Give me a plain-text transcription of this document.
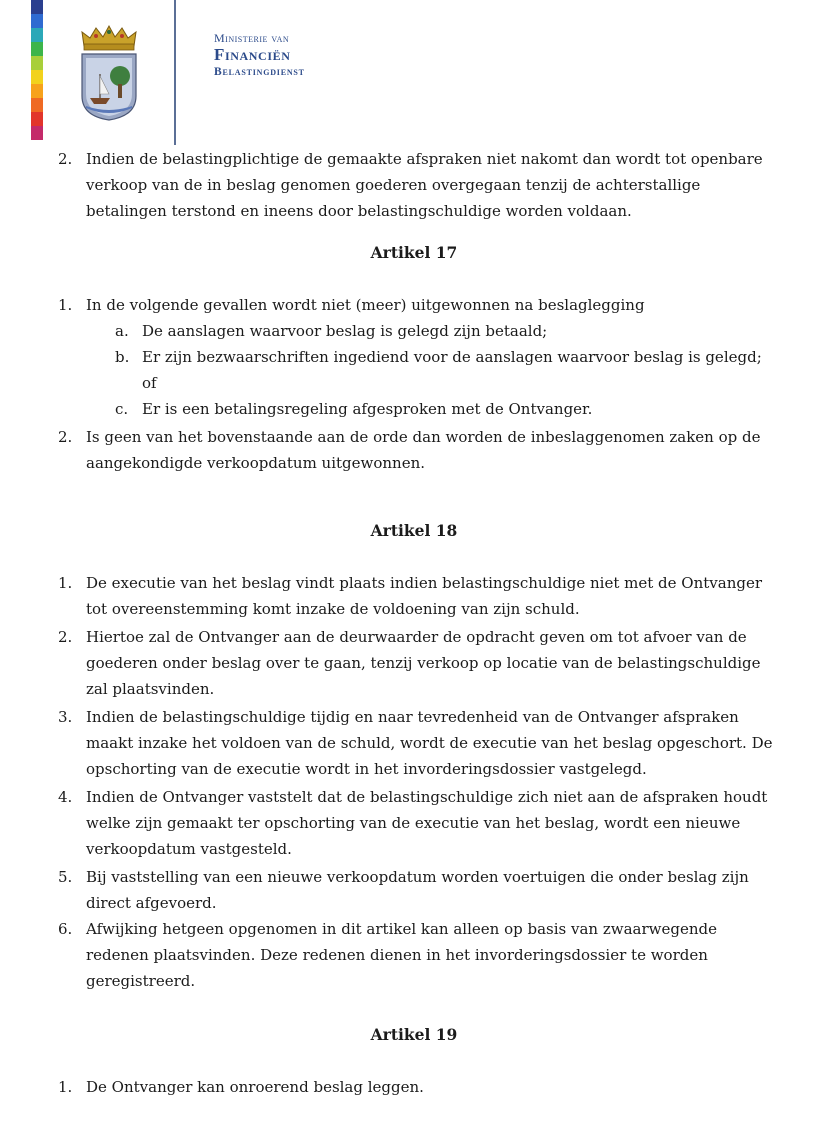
Ministerie van
Financiën
Belastingdienst
2. Indien de belastingplichtige de gemaakte afspraken niet nakomt dan wordt tot openbare verkoop van de in beslag genomen goederen overgegaan tenzij de achterstallige betalingen terstond en ineens door belastingschuldige worden voldaan.
Artikel 17
1. In de volgende gevallen wordt niet (meer) uitgewonnen na beslaglegging
a. De aanslagen waarvoor beslag is gelegd zijn betaald;
b. Er zijn bezwaarschriften ingediend voor de aanslagen waarvoor beslag is gelegd; of
c. Er is een betalingsregeling afgesproken met de Ontvanger.
2. Is geen van het bovenstaande aan de orde dan worden de inbeslaggenomen zaken op de aangekondigde verkoopdatum uitgewonnen.
Artikel 18
1. De executie van het beslag vindt plaats indien belastingschuldige niet met de Ontvanger tot overeenstemming komt inzake de voldoening van zijn schuld.
2. Hiertoe zal de Ontvanger aan de deurwaarder de opdracht geven om tot afvoer van de goederen onder beslag over te gaan, tenzij verkoop op locatie van de belastingschuldige zal plaatsvinden.
3. Indien de belastingschuldige tijdig en naar tevredenheid van de Ontvanger afspraken maakt inzake het voldoen van de schuld, wordt de executie van het beslag opgeschort. De opschorting van de executie wordt in het invorderingsdossier vastgelegd.
4. Indien de Ontvanger vaststelt dat de belastingschuldige zich niet aan de afspraken houdt welke zijn gemaakt ter opschorting van de executie van het beslag, wordt een nieuwe verkoopdatum vastgesteld.
5. Bij vaststelling van een nieuwe verkoopdatum worden voertuigen die onder beslag zijn direct afgevoerd.
6. Afwijking hetgeen opgenomen in dit artikel kan alleen op basis van zwaarwegende redenen plaatsvinden. Deze redenen dienen in het invorderingsdossier te worden geregistreerd.
Artikel 19
1. De Ontvanger kan onroerend beslag leggen.
